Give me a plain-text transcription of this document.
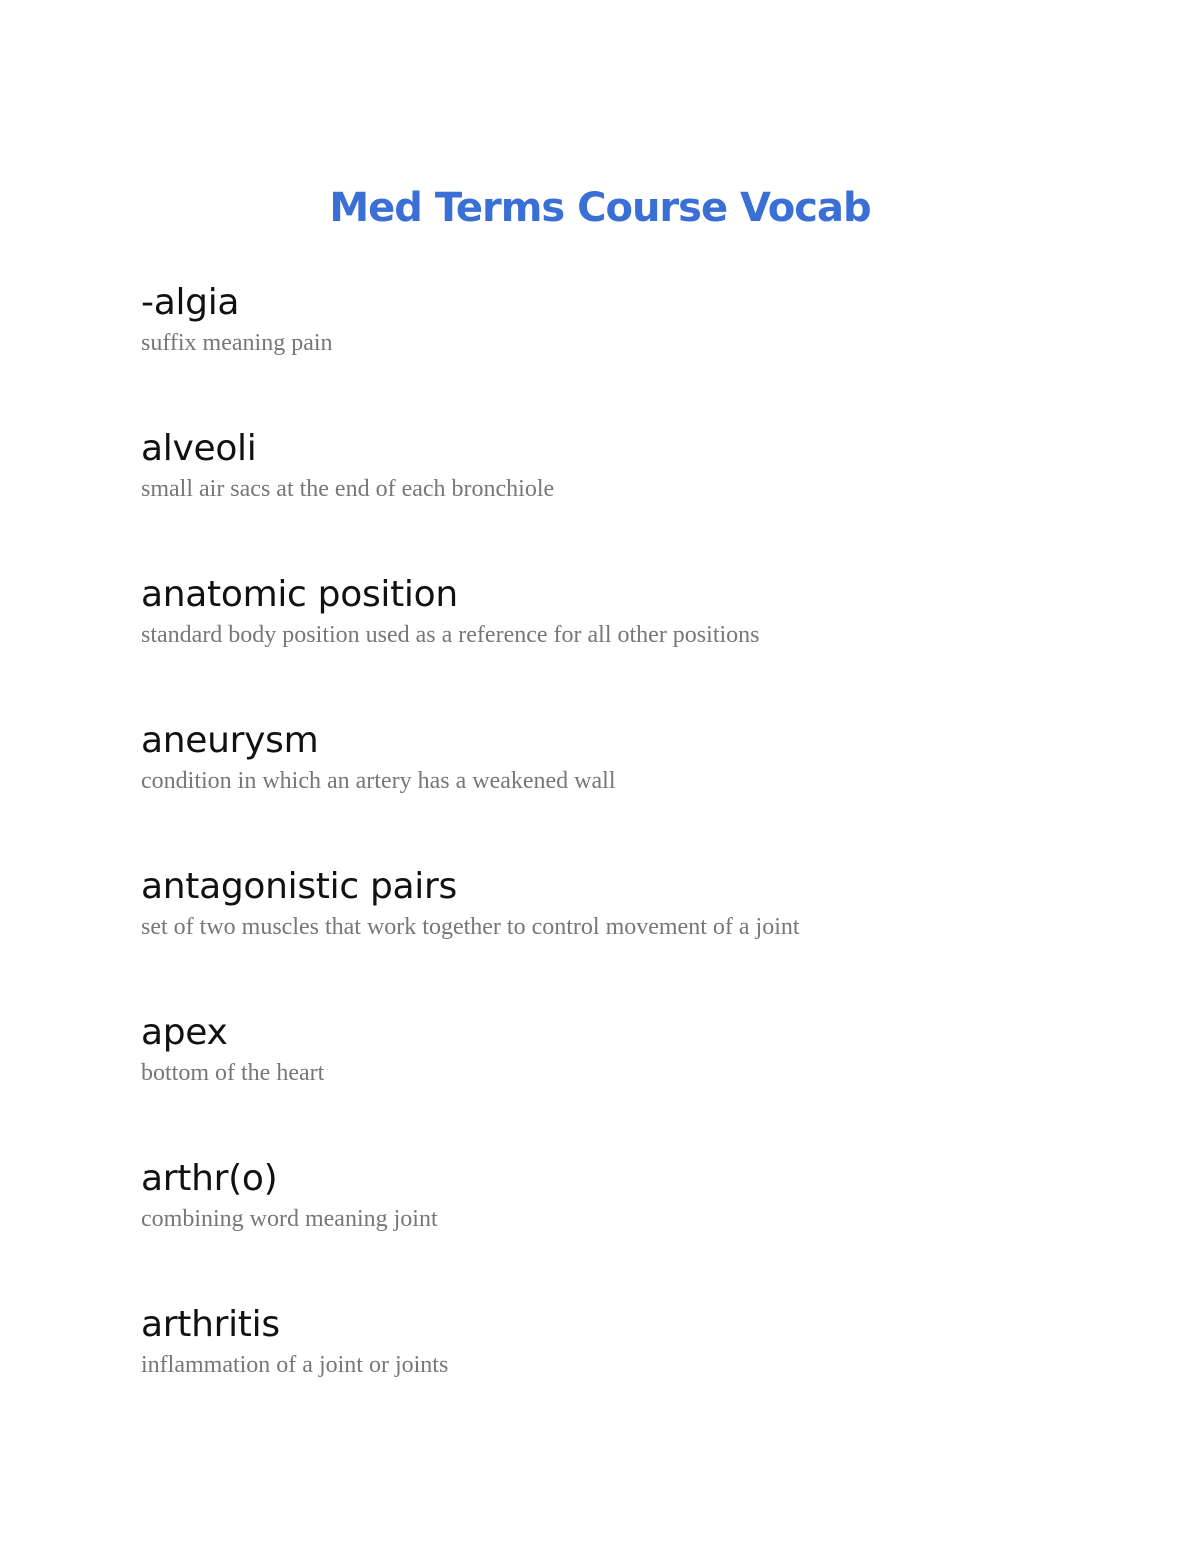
Med Terms Course Vocab

-algia

suffix meaning pain

alveoli

small air sacs at the end of each bronchiole

anatomic position

standard body position used as a reference for all other positions

aneurysm

condition in which an artery has a weakened wall

antagonistic pairs

set of two muscles that work together to control movement of a joint

apex

bottom of the heart

arthr(o)

combining word meaning joint

arthritis

inflammation of a joint or joints
